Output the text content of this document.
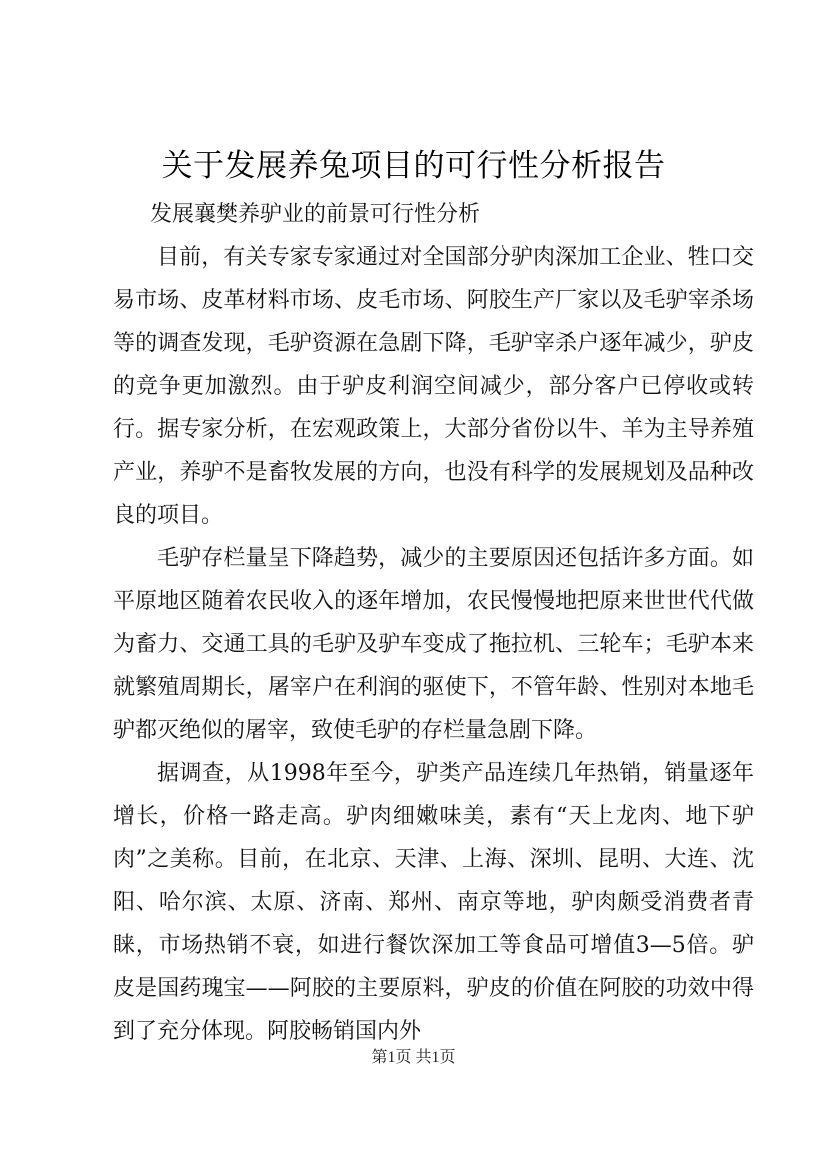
关于发展养兔项目的可行性分析报告
发展襄樊养驴业的前景可行性分析

目前，有关专家专家通过对全国部分驴肉深加工企业、牲口交易市场、皮革材料市场、皮毛市场、阿胶生产厂家以及毛驴宰杀场等的调查发现，毛驴资源在急剧下降，毛驴宰杀户逐年减少，驴皮的竞争更加激烈。由于驴皮利润空间减少，部分客户已停收或转行。据专家分析，在宏观政策上，大部分省份以牛、羊为主导养殖产业，养驴不是畜牧发展的方向，也没有科学的发展规划及品种改良的项目。

毛驴存栏量呈下降趋势，减少的主要原因还包括许多方面。如平原地区随着农民收入的逐年增加，农民慢慢地把原来世世代代做为畜力、交通工具的毛驴及驴车变成了拖拉机、三轮车；毛驴本来就繁殖周期长，屠宰户在利润的驱使下，不管年龄、性别对本地毛驴都灭绝似的屠宰，致使毛驴的存栏量急剧下降。

据调查，从1998年至今，驴类产品连续几年热销，销量逐年增长，价格一路走高。驴肉细嫩味美，素有“天上龙肉、地下驴肉”之美称。目前，在北京、天津、上海、深圳、昆明、大连、沈阳、哈尔滨、太原、济南、郑州、南京等地，驴肉颇受消费者青睐，市场热销不衰，如进行餐饮深加工等食品可增值3—5倍。驴皮是国药瑰宝——阿胶的主要原料，驴皮的价值在阿胶的功效中得到了充分体现。阿胶畅销国内外

第1页 共1页
